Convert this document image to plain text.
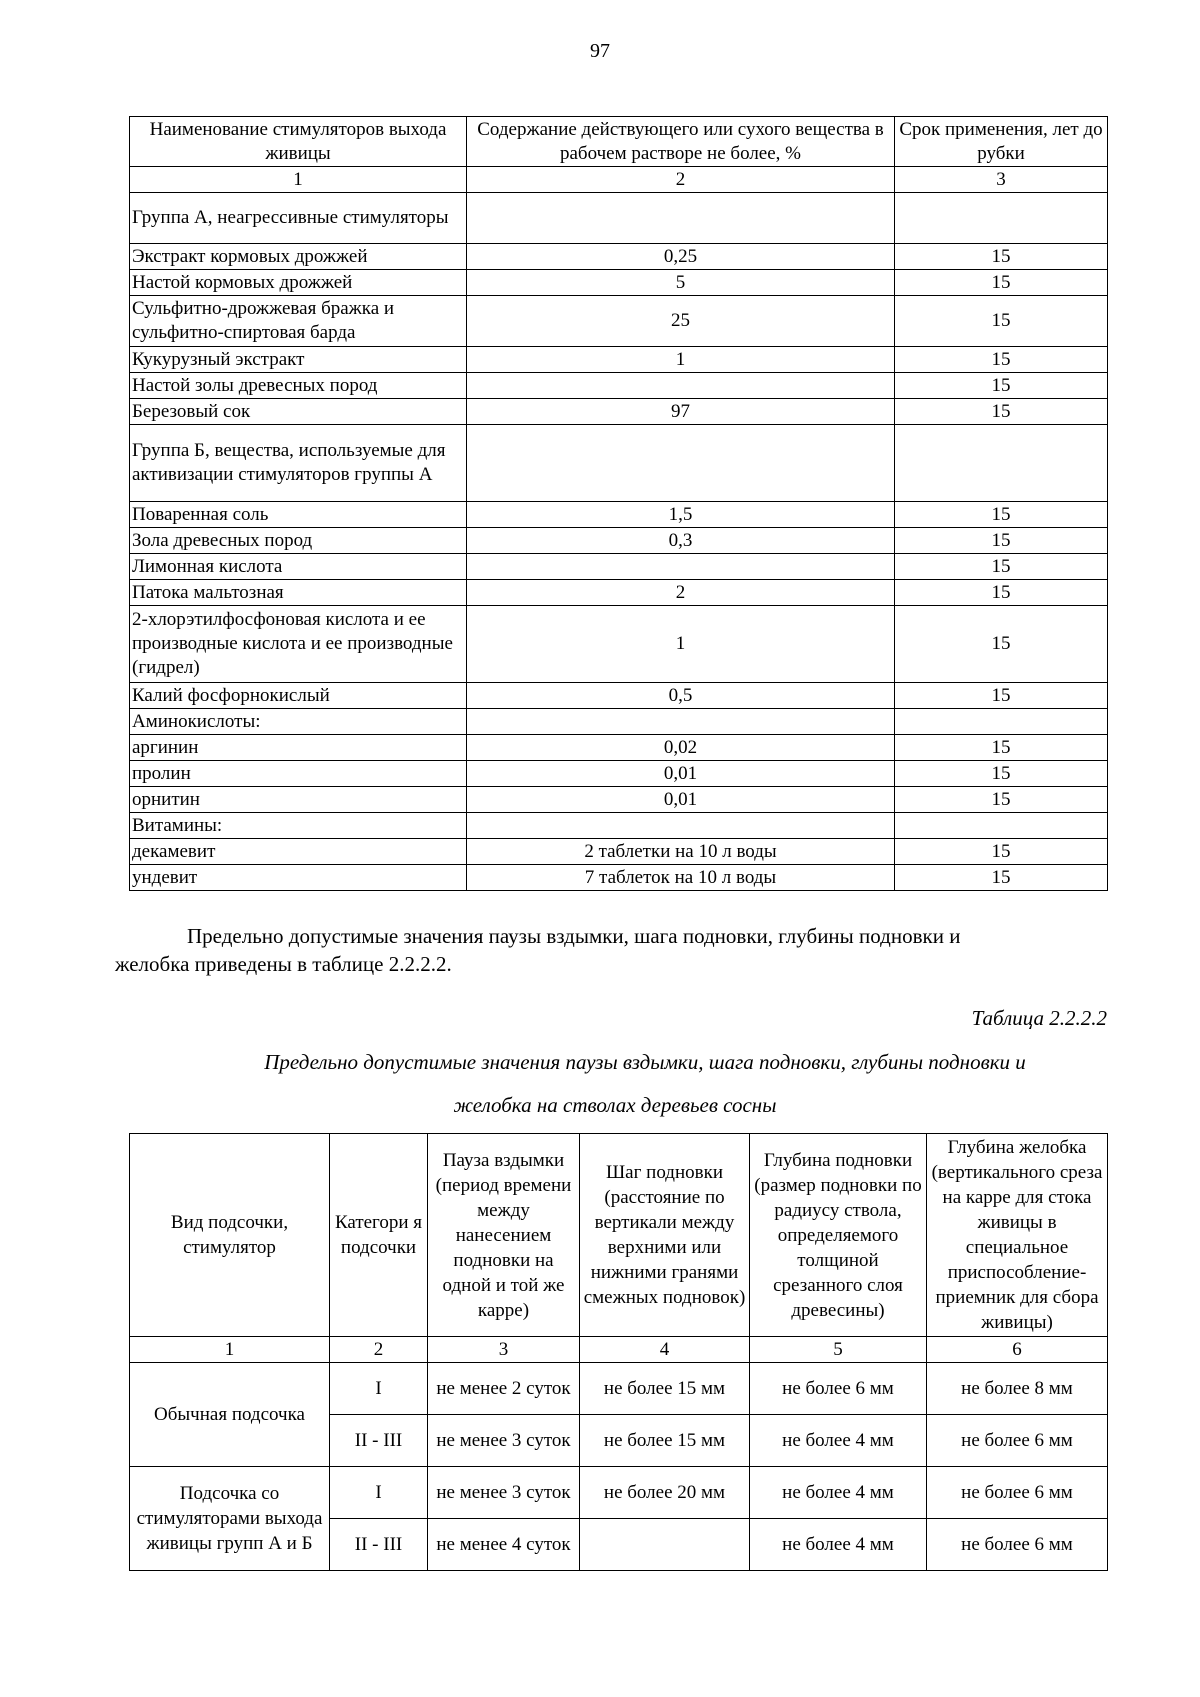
97
Наименование стимуляторов выхода живицы	Содержание действующего или сухого вещества в рабочем растворе не более, %	Срок применения, лет до рубки
1	2	3
Группа А, неагрессивные стимуляторы		
Экстракт кормовых дрожжей	0,25	15
Настой кормовых дрожжей	5	15
Сульфитно-дрожжевая бражка и сульфитно-спиртовая барда	25	15
Кукурузный экстракт	1	15
Настой золы древесных пород		15
Березовый сок	97	15
Группа Б, вещества, используемые для активизации стимуляторов группы А		
Поваренная соль	1,5	15
Зола древесных пород	0,3	15
Лимонная кислота		15
Патока мальтозная	2	15
2-хлорэтилфосфоновая кислота и ее производные кислота и ее производные (гидрел)	1	15
Калий фосфорнокислый	0,5	15
Аминокислоты:		
аргинин	0,02	15
пролин	0,01	15
орнитин	0,01	15
Витамины:		
декамевит	2 таблетки на 10 л воды	15
ундевит	7 таблеток на 10 л воды	15
Предельно допустимые значения паузы вздымки, шага подновки, глубины подновки и
желобка приведены в таблице 2.2.2.2.
Таблица 2.2.2.2
Предельно допустимые значения паузы вздымки, шага подновки, глубины подновки и
желобка на стволах деревьев сосны
Вид подсочки, стимулятор	Категори я подсочки	Пауза вздымки (период времени между нанесением подновки на одной и той же карре)	Шаг подновки (расстояние по вертикали между верхними или нижними гранями смежных подновок)	Глубина подновки (размер подновки по радиусу ствола, определяемого толщиной срезанного слоя древесины)	Глубина желобка (вертикального среза на карре для стока живицы в специальное приспособление-приемник для сбора живицы)
1	2	3	4	5	6
Обычная подсочка	I	не менее 2 суток	не более 15 мм	не более 6 мм	не более 8 мм
	II - III	не менее 3 суток	не более 15 мм	не более 4 мм	не более 6 мм
Подсочка со стимуляторами выхода живицы групп А и Б	I	не менее 3 суток	не более 20 мм	не более 4 мм	не более 6 мм
	II - III	не менее 4 суток		не более 4 мм	не более 6 мм
